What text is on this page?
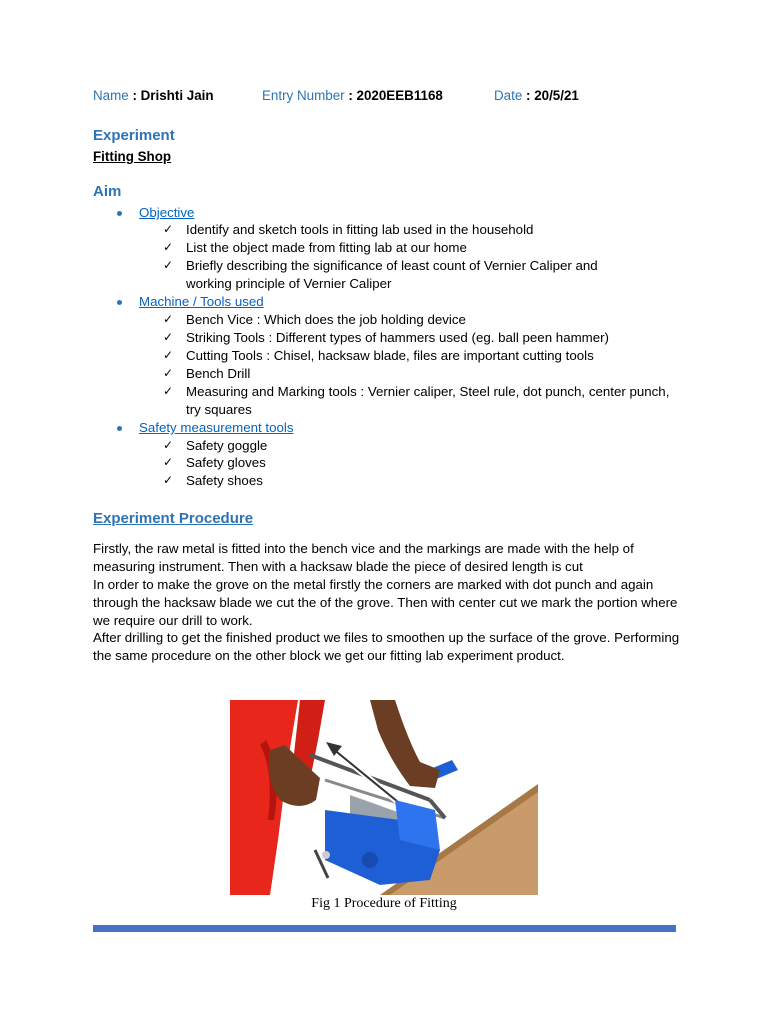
Name : Drishti Jain	Entry Number : 2020EEB1168	Date : 20/5/21
Experiment
Fitting Shop
Aim
Objective
✓ Identify and sketch tools in fitting lab used in the household
✓ List the object made from fitting lab at our home
✓ Briefly describing the significance of least count of Vernier Caliper and working principle of Vernier Caliper
Machine / Tools used
✓ Bench Vice : Which does the job holding device
✓ Striking Tools : Different types of hammers used (eg. ball peen hammer)
✓ Cutting Tools : Chisel, hacksaw blade, files are important cutting tools
✓ Bench Drill
✓ Measuring and Marking tools : Vernier caliper, Steel rule, dot punch, center punch, try squares
Safety measurement tools
✓ Safety goggle
✓ Safety gloves
✓ Safety shoes
Experiment Procedure
Firstly, the raw metal is fitted into the bench vice and the markings are made with the help of measuring instrument. Then with a hacksaw blade the piece of desired length is cut
In order to make the grove on the metal firstly the corners are marked with dot punch and again through the hacksaw blade we cut the of the grove. Then with center cut we mark the portion where we require our drill to work.
After drilling to get the finished product we files to smoothen up the surface of the grove. Performing the same procedure on the other block we get our fitting lab experiment product.
Fig 1 Procedure of Fitting
